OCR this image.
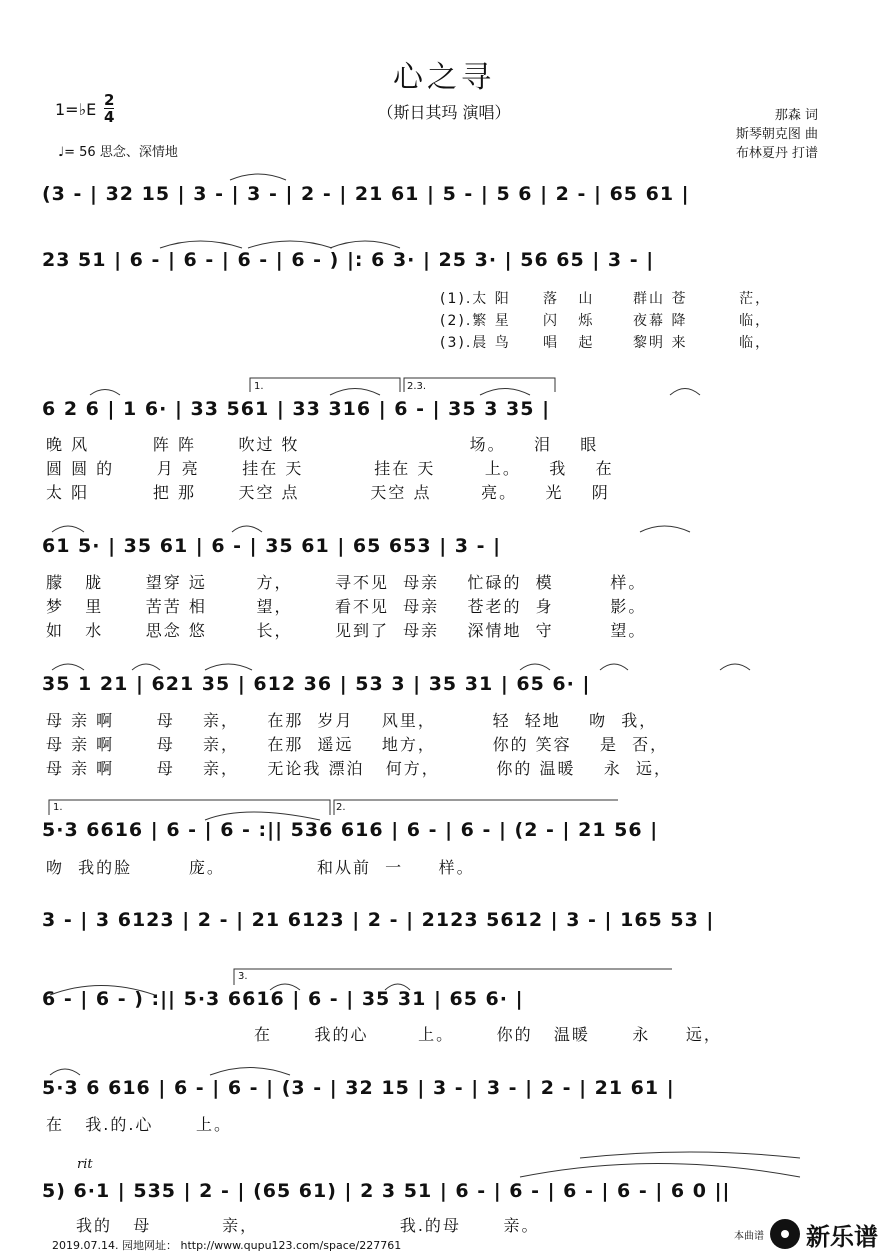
心之寻
（斯日其玛 演唱）
1=♭E 2
4
♩= 56 思念、深情地
那森 词
斯琴朝克图 曲
布林夏丹 打谱
(3 - | 32 15 | 3 - | 3 - | 2 - | 21 61 | 5 - | 5 6 | 2 - | 65 61 |
23 51 | 6 - | 6 - | 6 - | 6 - ) |: 6 3· | 25 3· | 56 65 | 3 - |
(1).太 阳     落   山      群山 苍        茫，
(2).繁 星     闪   烁      夜幕 降        临，
(3).晨 鸟     唱   起      黎明 来        临，
6 2 6 | 1 6· | 33 561 | 33 316 | 6 - | 35 3 35 |
晚 风         阵 阵      吹过 牧                        场。    泪    眼
圆 圆 的      月 亮      挂在 天          挂在 天       上。    我    在
太 阳         把 那      天空 点          天空 点       亮。    光    阴
61 5· | 35 61 | 6 - | 35 61 | 65 653 | 3 - |
朦   胧      望穿 远       方，      寻不见  母亲    忙碌的  模        样。
梦   里      苦苦 相       望，      看不见  母亲    苍老的  身        影。
如   水      思念 悠       长，      见到了  母亲    深情地  守        望。
35 1 21 | 621 35 | 612 36 | 53 3 | 35 31 | 65 6· |
母 亲 啊      母    亲，    在那  岁月    风里，        轻  轻地    吻  我，
母 亲 啊      母    亲，    在那  遥远    地方，        你的 笑容    是  否，
母 亲 啊      母    亲，    无论我 漂泊   何方，        你的 温暖    永  远，
5·3 6616 | 6 - | 6 - :|| 536 616 | 6 - | 6 - | (2 - | 21 56 |
吻  我的脸        庞。             和从前  一     样。
3 - | 3 6123 | 2 - | 21 6123 | 2 - | 2123 5612 | 3 - | 165 53 |
6 - | 6 - ) :|| 5·3 6616 | 6 - | 35 31 | 65 6· |
在      我的心       上。      你的   温暖      永     远，
5·3 6 616 | 6 - | 6 - | (3 - | 32 15 | 3 - | 3 - | 2 - | 21 61 |
在   我.的.心      上。
rit
5) 6·1 | 535 | 2 - | (65 61) | 2 3 51 | 6 - | 6 - | 6 - | 6 - | 6 0 ||
我的   母          亲，                    我.的母      亲。
1.	2.3.
1.	2.
3.
2019.07.14. 园地网址： http://www.qupu123.com/space/227761
本曲谱 新乐谱
